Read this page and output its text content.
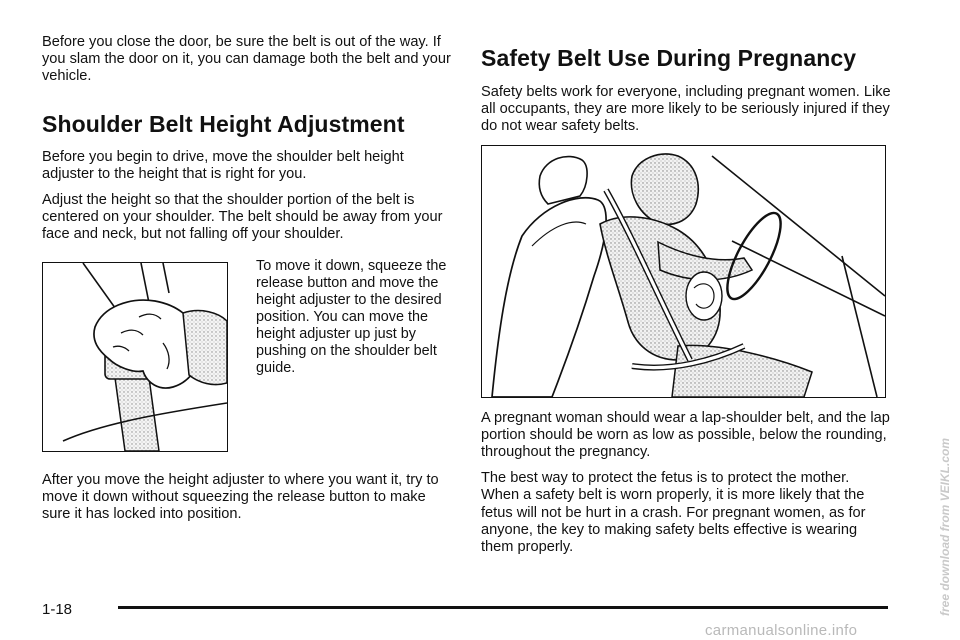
Before you close the door, be sure the belt is out of the way. If you slam the door on it, you can damage both the belt and your vehicle.

Shoulder Belt Height Adjustment

Before you begin to drive, move the shoulder belt height adjuster to the height that is right for you.

Adjust the height so that the shoulder portion of the belt is centered on your shoulder. The belt should be away from your face and neck, but not falling off your shoulder.

To move it down, squeeze the release button and move the height adjuster to the desired position. You can move the height adjuster up just by pushing on the shoulder belt guide.

After you move the height adjuster to where you want it, try to move it down without squeezing the release button to make sure it has locked into position.

Safety Belt Use During Pregnancy

Safety belts work for everyone, including pregnant women. Like all occupants, they are more likely to be seriously injured if they do not wear safety belts.

A pregnant woman should wear a lap-shoulder belt, and the lap portion should be worn as low as possible, below the rounding, throughout the pregnancy.

The best way to protect the fetus is to protect the mother. When a safety belt is worn properly, it is more likely that the fetus will not be hurt in a crash. For pregnant women, as for anyone, the key to making safety belts effective is wearing them properly.

1-18	free download from VEIKL.com
carmanualsonline.info
